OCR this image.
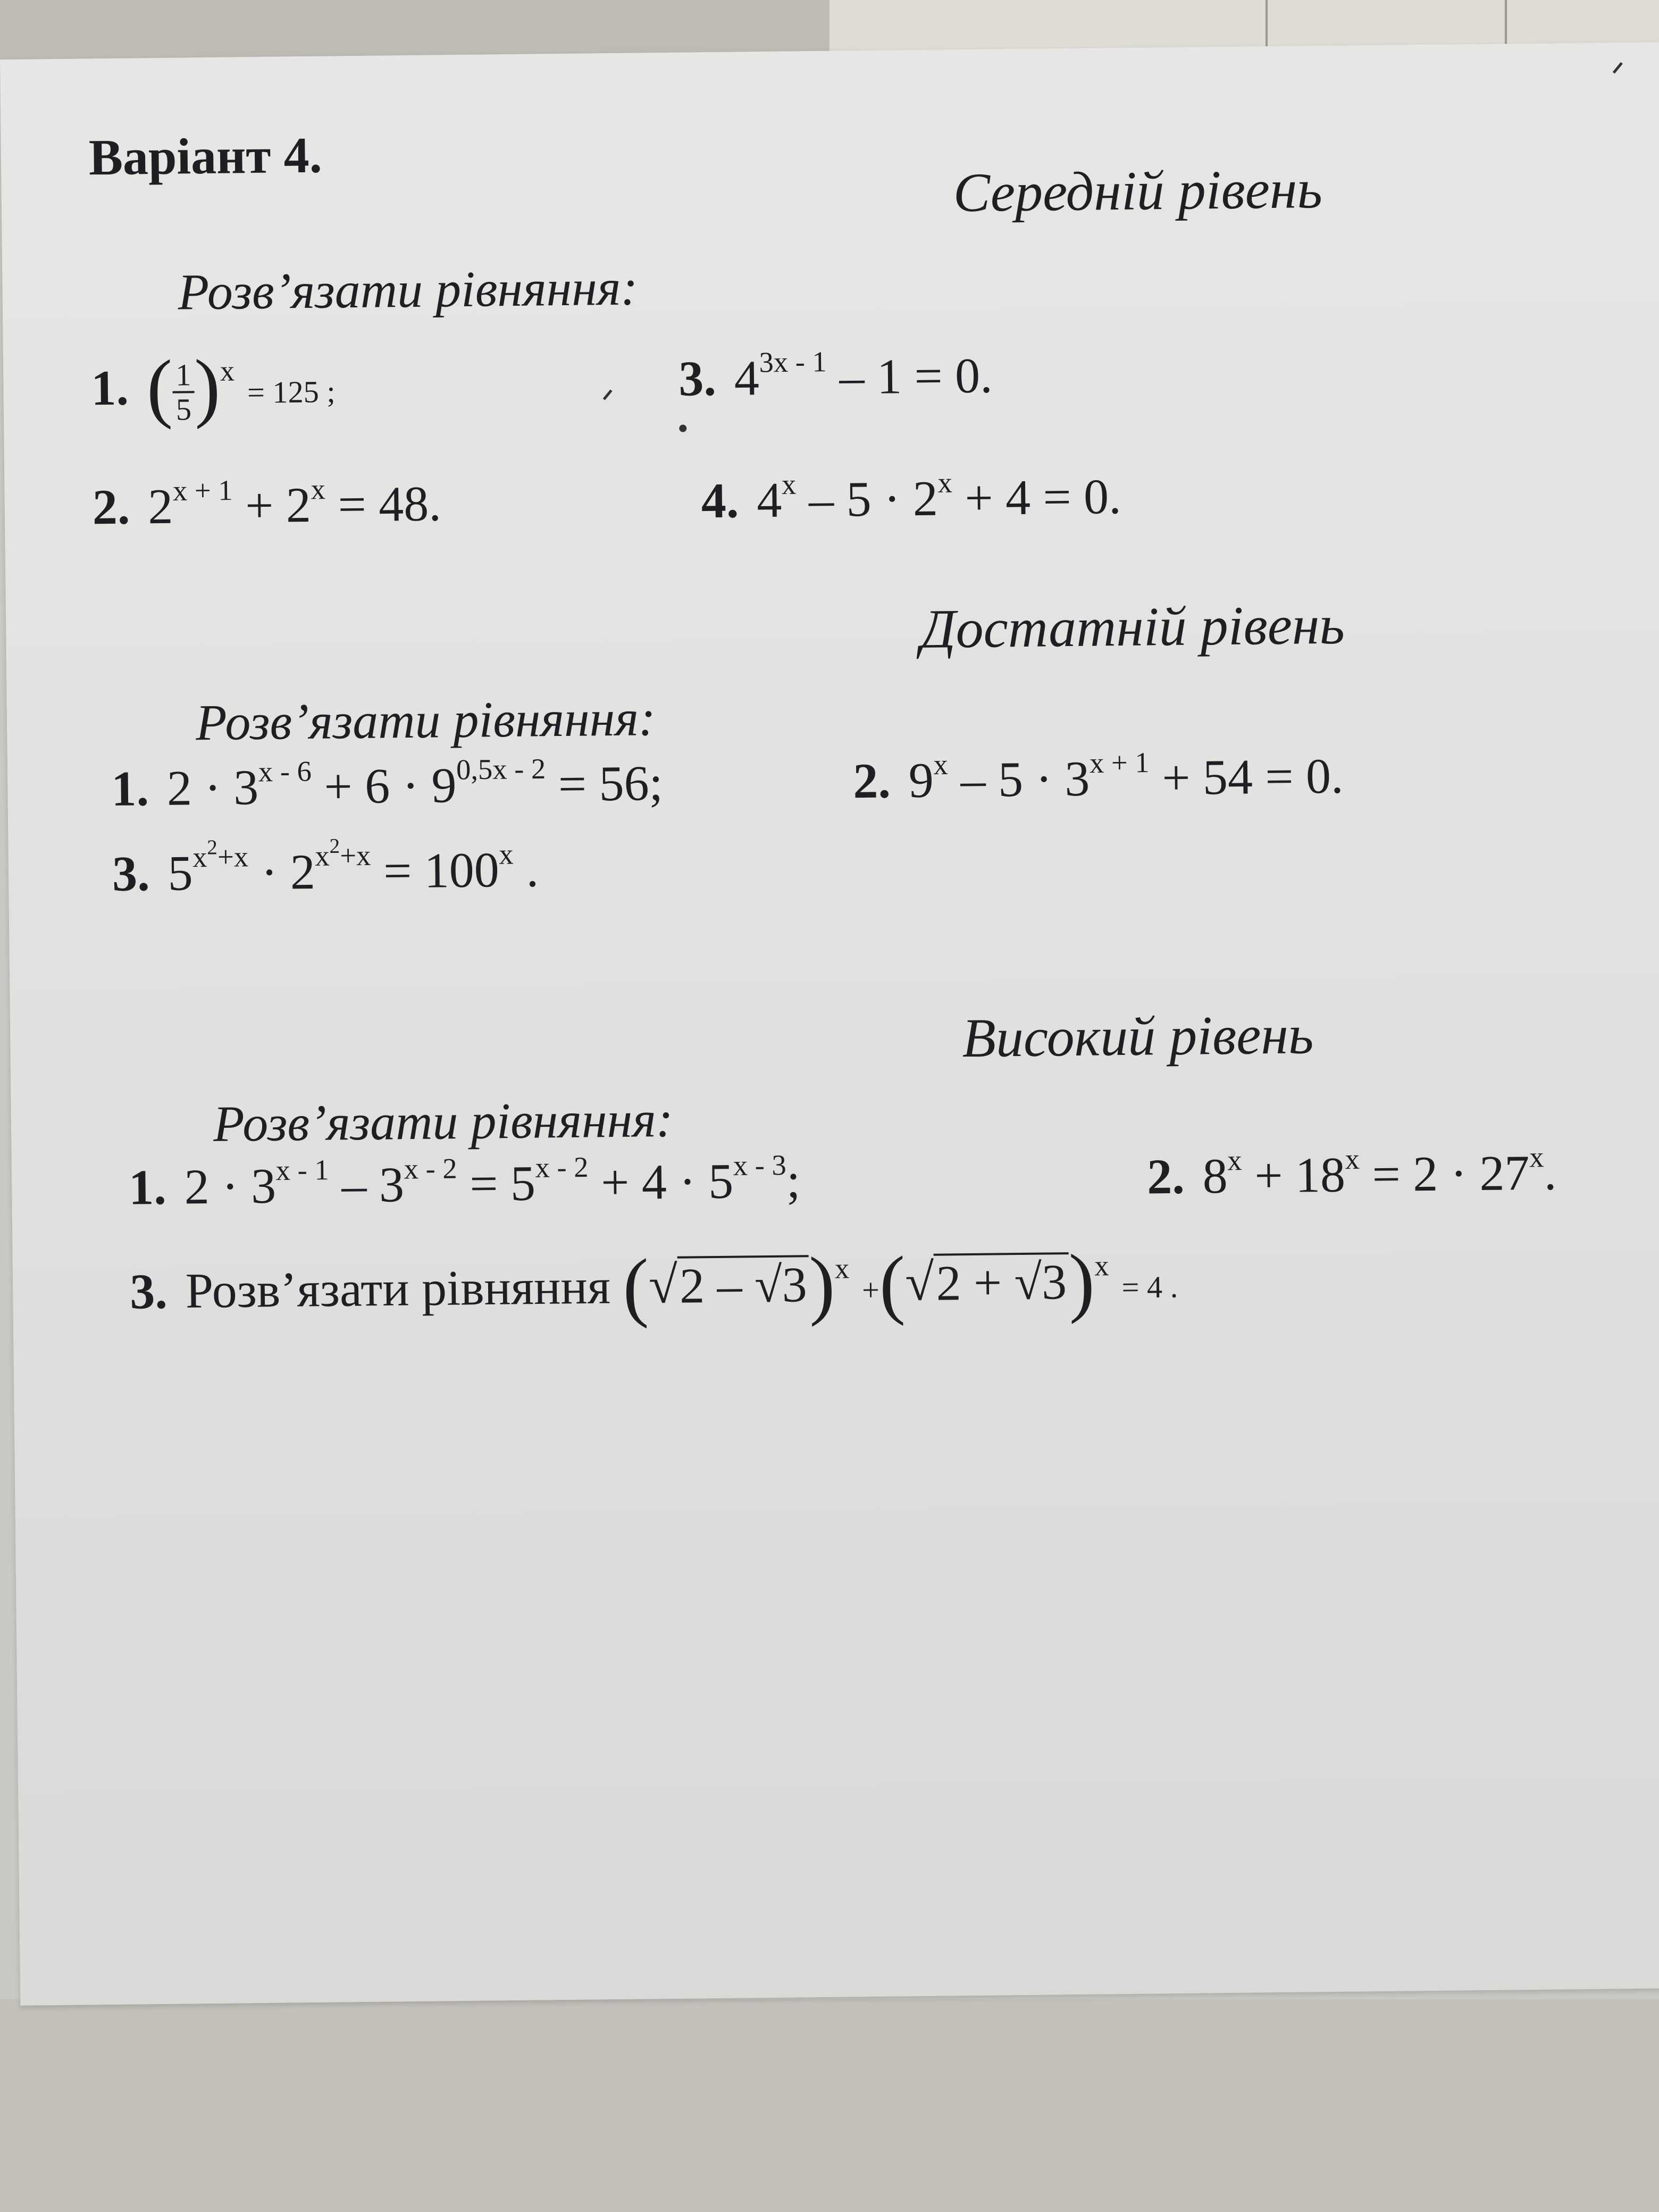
Варіант 4.
Середній рівень
Розв’язати рівняння:
1. (
$\frac{1}{5}$
)$^x$ = 125 ;	3. $4^{3x - 1} - 1 = 0$.
2. $2^{x + 1} + 2^x = 48$.	4. $4^x - 5 \cdot 2^x + 4 = 0$.
Достатній рівень
Розв’язати рівняння:
1. $2 \cdot 3^{x - 6} + 6 \cdot 9^{0,5x - 2} = 56$;	2. $9^x - 5 \cdot 3^{x + 1} + 54 = 0$.
3. $5^{x^2+x} \cdot 2^{x^2+x} = 100^x$ .
Високий рівень
Розв’язати рівняння:
1. $2 \cdot 3^{x - 1} - 3^{x - 2} = 5^{x - 2} + 4 \cdot 5^{x - 3}$;	2. $8^x + 18^x = 2 \cdot 27^x$.
3. Розв’язати рівняння $(√2 - √3)^x +(√2 + √3)^x = 4$ .
